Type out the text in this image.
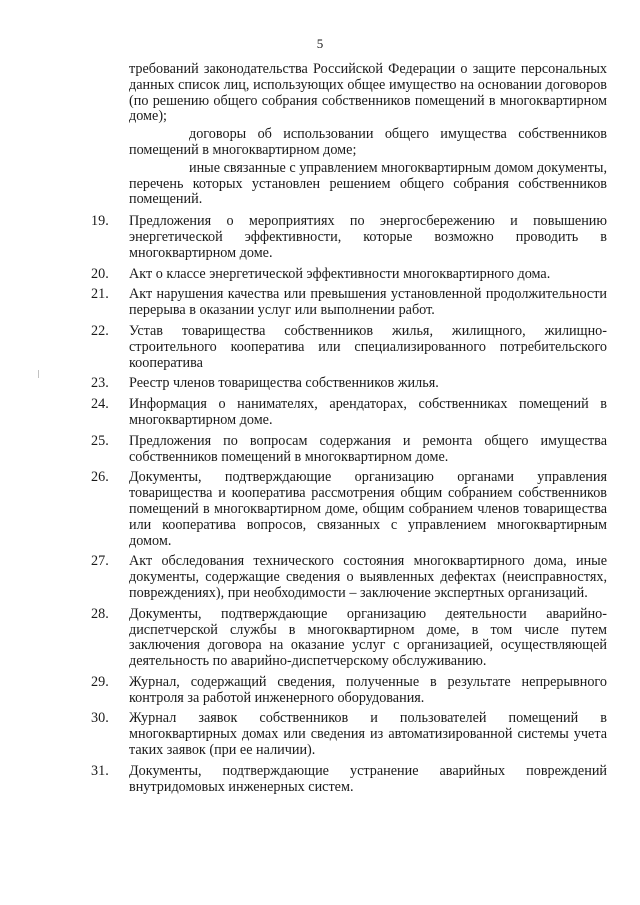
5

требований законодательства Российской Федерации о защите персональных данных список лиц, использующих общее имущество на основании договоров (по решению общего собрания собственников помещений в многоквартирном доме);

договоры об использовании общего имущества собственников помещений в многоквартирном доме;

иные связанные с управлением многоквартирным домом документы, перечень которых установлен решением общего собрания собственников помещений.

19. Предложения о мероприятиях по энергосбережению и повышению энергетической эффективности, которые возможно проводить в многоквартирном доме.
20. Акт о классе энергетической эффективности многоквартирного дома.
21. Акт нарушения качества или превышения установленной продолжительности перерыва в оказании услуг или выполнении работ.
22. Устав товарищества собственников жилья, жилищного, жилищно-строительного кооператива или специализированного потребительского кооператива
23. Реестр членов товарищества собственников жилья.
24. Информация о нанимателях, арендаторах, собственниках помещений в многоквартирном доме.
25. Предложения по вопросам содержания и ремонта общего имущества собственников помещений в многоквартирном доме.
26. Документы, подтверждающие организацию органами управления товарищества и кооператива рассмотрения общим собранием собственников помещений в многоквартирном доме, общим собранием членов товарищества или кооператива вопросов, связанных с управлением многоквартирным домом.
27. Акт обследования технического состояния многоквартирного дома, иные документы, содержащие сведения о выявленных дефектах (неисправностях, повреждениях), при необходимости – заключение экспертных организаций.
28. Документы, подтверждающие организацию деятельности аварийно-диспетчерской службы в многоквартирном доме, в том числе путем заключения договора на оказание услуг с организацией, осуществляющей деятельность по аварийно-диспетчерскому обслуживанию.
29. Журнал, содержащий сведения, полученные в результате непрерывного контроля за работой инженерного оборудования.
30. Журнал заявок собственников и пользователей помещений в многоквартирных домах или сведения из автоматизированной системы учета таких заявок (при ее наличии).
31. Документы, подтверждающие устранение аварийных повреждений внутридомовых инженерных систем.
